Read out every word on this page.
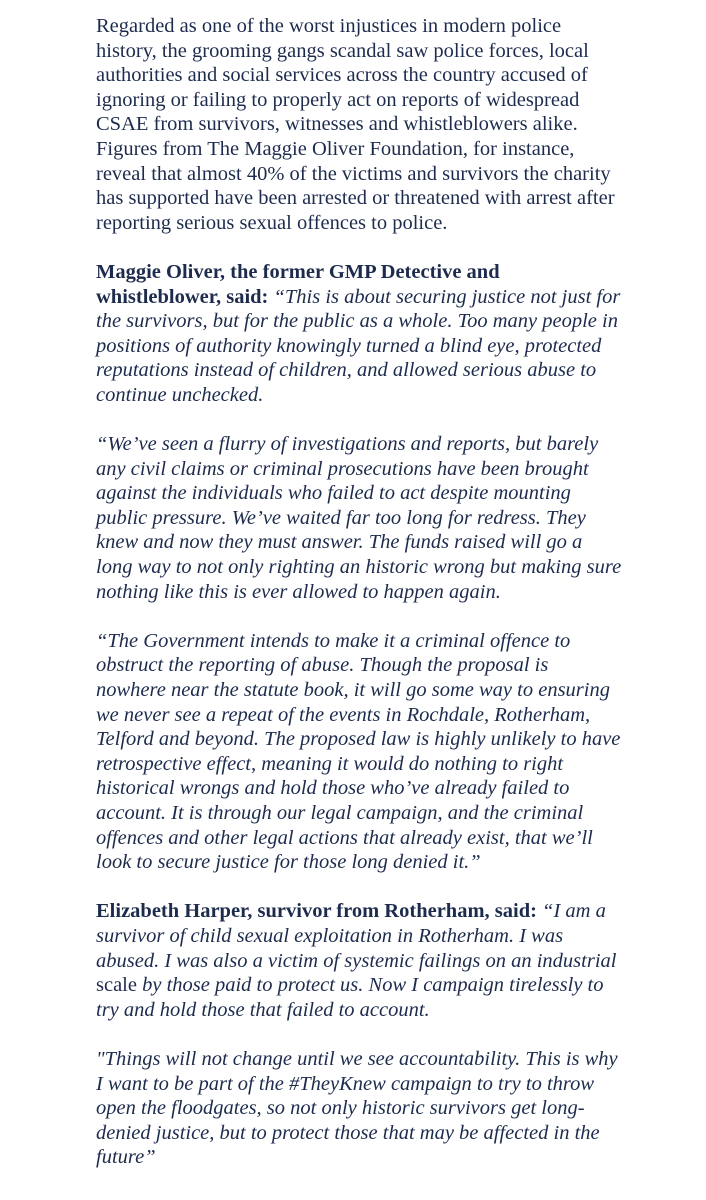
Regarded as one of the worst injustices in modern police
history, the grooming gangs scandal saw police forces, local
authorities and social services across the country accused of
ignoring or failing to properly act on reports of widespread
CSAE from survivors, witnesses and whistleblowers alike.
Figures from The Maggie Oliver Foundation, for instance,
reveal that almost 40% of the victims and survivors the charity
has supported have been arrested or threatened with arrest after
reporting serious sexual offences to police.

Maggie Oliver, the former GMP Detective and
whistleblower, said: “This is about securing justice not just for
the survivors, but for the public as a whole. Too many people in
positions of authority knowingly turned a blind eye, protected
reputations instead of children, and allowed serious abuse to
continue unchecked.

“We’ve seen a flurry of investigations and reports, but barely
any civil claims or criminal prosecutions have been brought
against the individuals who failed to act despite mounting
public pressure. We’ve waited far too long for redress. They
knew and now they must answer. The funds raised will go a
long way to not only righting an historic wrong but making sure
nothing like this is ever allowed to happen again.

“The Government intends to make it a criminal offence to
obstruct the reporting of abuse. Though the proposal is
nowhere near the statute book, it will go some way to ensuring
we never see a repeat of the events in Rochdale, Rotherham,
Telford and beyond. The proposed law is highly unlikely to have
retrospective effect, meaning it would do nothing to right
historical wrongs and hold those who’ve already failed to
account. It is through our legal campaign, and the criminal
offences and other legal actions that already exist, that we’ll
look to secure justice for those long denied it.”

Elizabeth Harper, survivor from Rotherham, said: “I am a
survivor of child sexual exploitation in Rotherham. I was
abused. I was also a victim of systemic failings on an industrial
scale by those paid to protect us. Now I campaign tirelessly to
try and hold those that failed to account.

"Things will not change until we see accountability. This is why
I want to be part of the #TheyKnew campaign to try to throw
open the floodgates, so not only historic survivors get long-
denied justice, but to protect those that may be affected in the
future”
